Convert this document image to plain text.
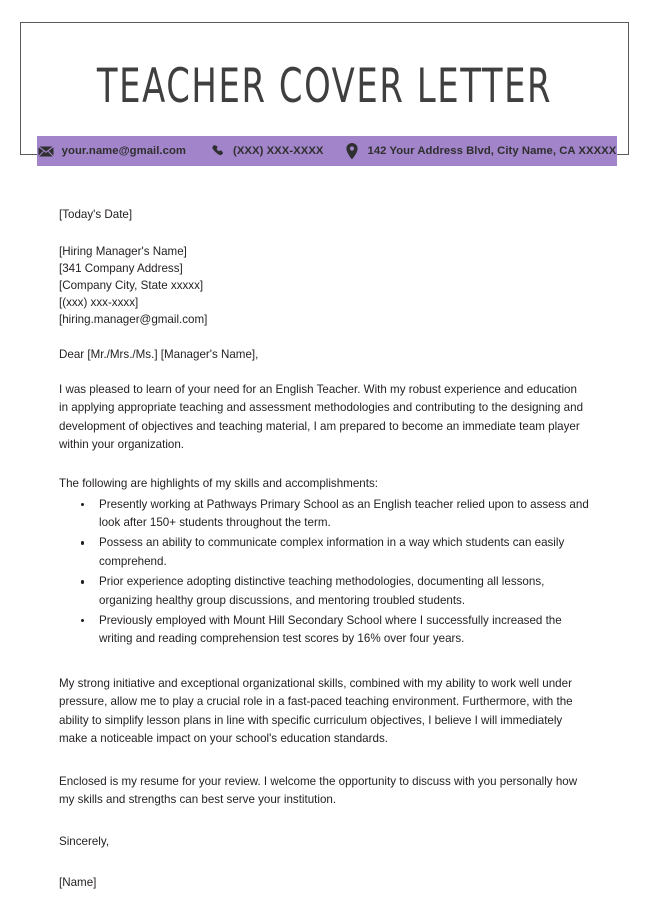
TEACHER COVER LETTER
your.name@gmail.com	(XXX) XXX-XXXX	142 Your Address Blvd, City Name, CA XXXXX
[Today's Date]
[Hiring Manager's Name]
[341 Company Address]
[Company City, State xxxxx]
[(xxx) xxx-xxxx]
[hiring.manager@gmail.com]
Dear [Mr./Mrs./Ms.] [Manager's Name],

I was pleased to learn of your need for an English Teacher. With my robust experience and education in applying appropriate teaching and assessment methodologies and contributing to the designing and development of objectives and teaching material, I am prepared to become an immediate team player within your organization.

The following are highlights of my skills and accomplishments:
Presently working at Pathways Primary School as an English teacher relied upon to assess and look after 150+ students throughout the term.
Possess an ability to communicate complex information in a way which students can easily comprehend.
Prior experience adopting distinctive teaching methodologies, documenting all lessons, organizing healthy group discussions, and mentoring troubled students.
Previously employed with Mount Hill Secondary School where I successfully increased the writing and reading comprehension test scores by 16% over four years.

My strong initiative and exceptional organizational skills, combined with my ability to work well under pressure, allow me to play a crucial role in a fast-paced teaching environment. Furthermore, with the ability to simplify lesson plans in line with specific curriculum objectives, I believe I will immediately make a noticeable impact on your school's education standards.

Enclosed is my resume for your review. I welcome the opportunity to discuss with you personally how my skills and strengths can best serve your institution.

Sincerely,
[Name]
